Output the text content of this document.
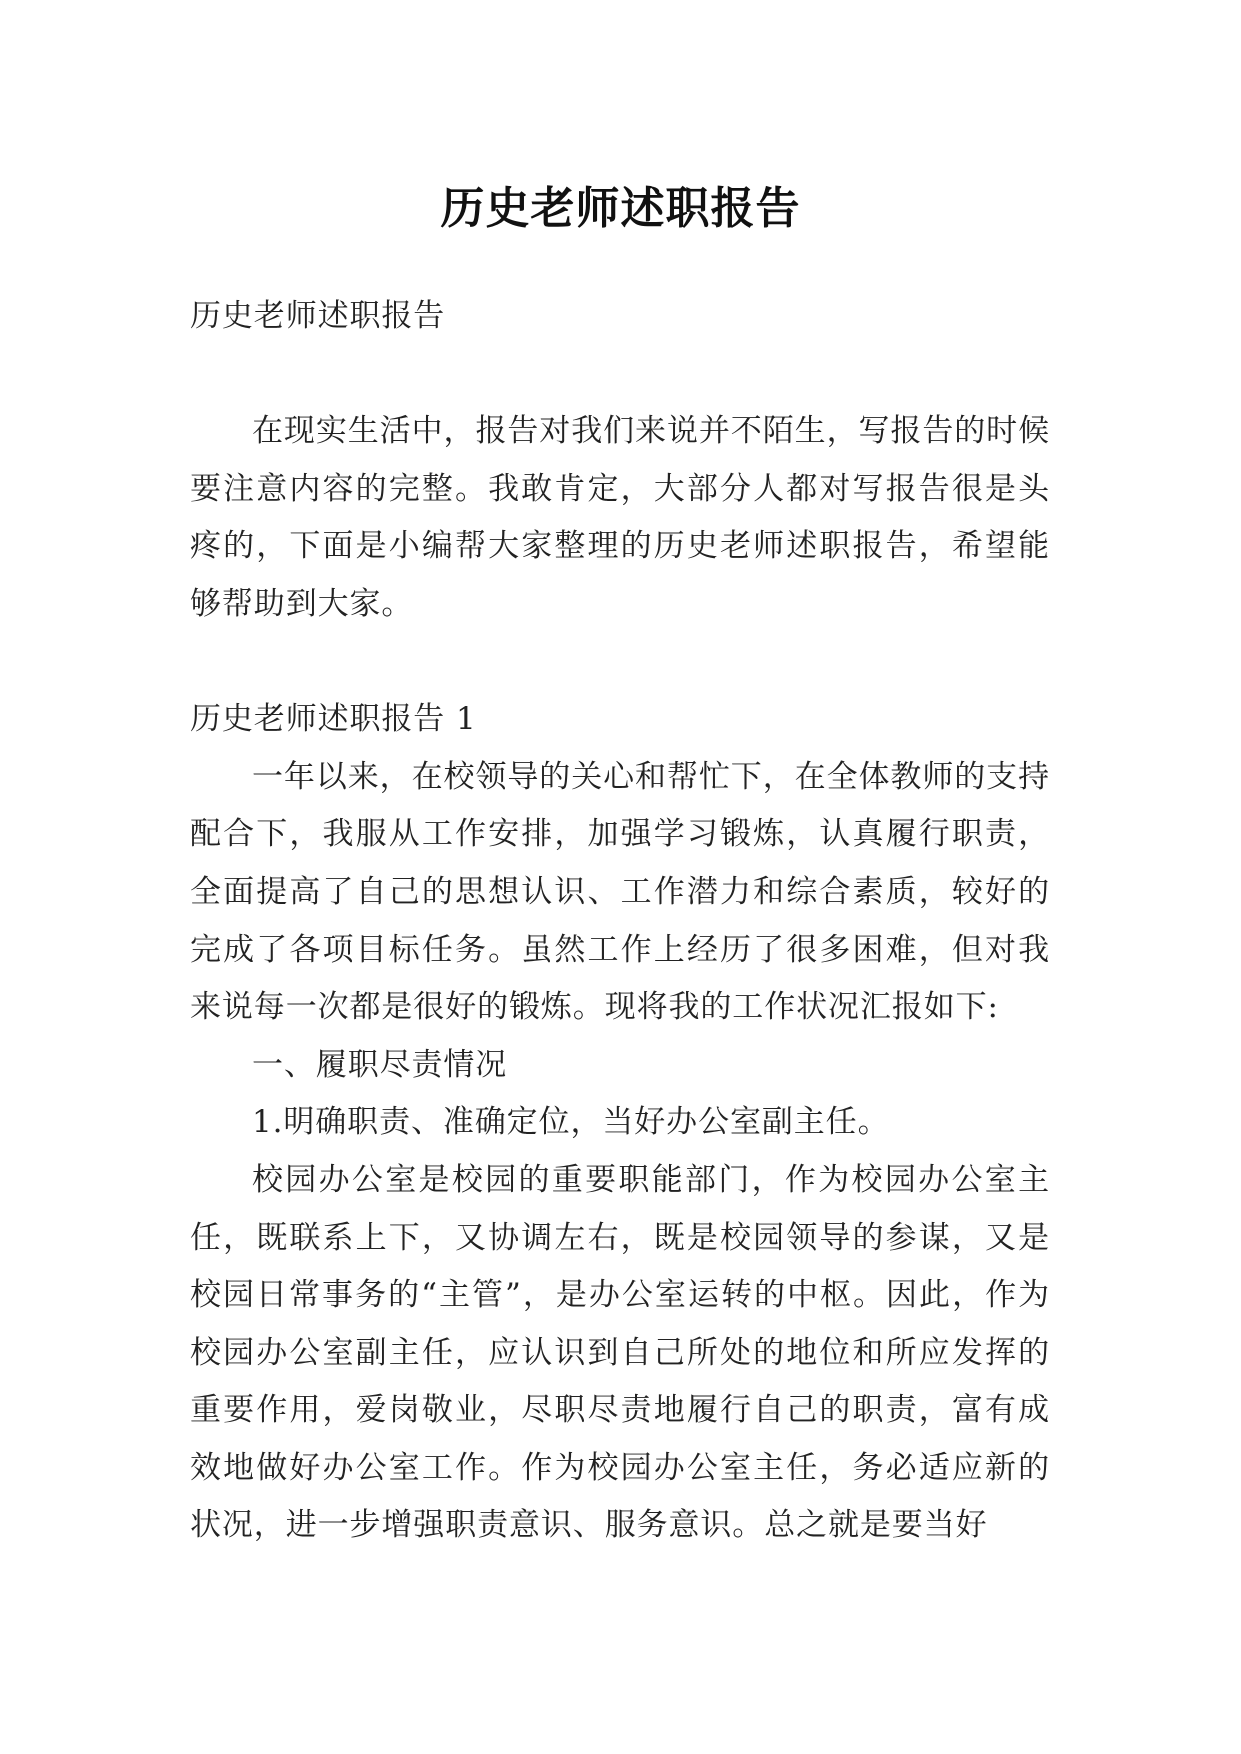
历史老师述职报告

历史老师述职报告

在现实生活中，报告对我们来说并不陌生，写报告的时候要注意内容的完整。我敢肯定，大部分人都对写报告很是头疼的，下面是小编帮大家整理的历史老师述职报告，希望能够帮助到大家。

历史老师述职报告 1

一年以来，在校领导的关心和帮忙下，在全体教师的支持配合下，我服从工作安排，加强学习锻炼，认真履行职责，全面提高了自己的思想认识、工作潜力和综合素质，较好的完成了各项目标任务。虽然工作上经历了很多困难，但对我来说每一次都是很好的锻炼。现将我的工作状况汇报如下:

一、履职尽责情况

1.明确职责、准确定位，当好办公室副主任。

校园办公室是校园的重要职能部门，作为校园办公室主任，既联系上下，又协调左右，既是校园领导的参谋，又是校园日常事务的“主管”，是办公室运转的中枢。因此，作为校园办公室副主任，应认识到自己所处的地位和所应发挥的重要作用，爱岗敬业，尽职尽责地履行自己的职责，富有成效地做好办公室工作。作为校园办公室主任，务必适应新的状况，进一步增强职责意识、服务意识。总之就是要当好
